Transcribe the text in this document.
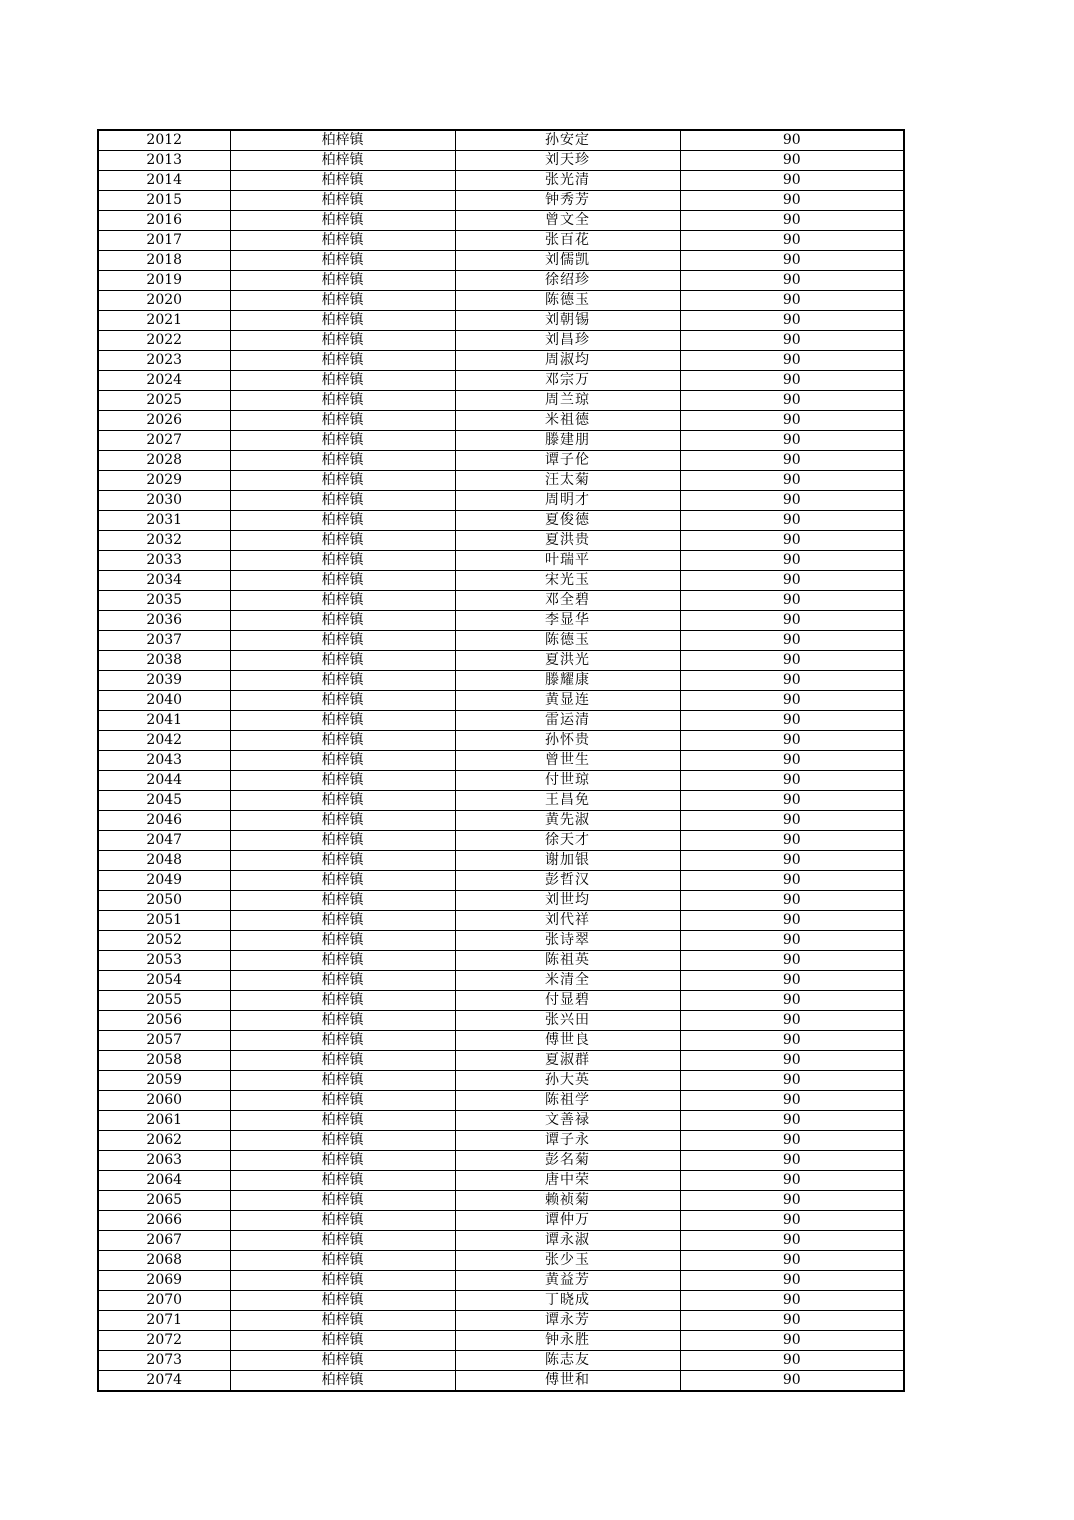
2012	柏梓镇	孙安定	90
2013	柏梓镇	刘天珍	90
2014	柏梓镇	张光清	90
2015	柏梓镇	钟秀芳	90
2016	柏梓镇	曾文全	90
2017	柏梓镇	张百花	90
2018	柏梓镇	刘儒凯	90
2019	柏梓镇	徐绍珍	90
2020	柏梓镇	陈德玉	90
2021	柏梓镇	刘朝锡	90
2022	柏梓镇	刘昌珍	90
2023	柏梓镇	周淑均	90
2024	柏梓镇	邓宗万	90
2025	柏梓镇	周兰琼	90
2026	柏梓镇	米祖德	90
2027	柏梓镇	滕建朋	90
2028	柏梓镇	谭子伦	90
2029	柏梓镇	汪太菊	90
2030	柏梓镇	周明才	90
2031	柏梓镇	夏俊德	90
2032	柏梓镇	夏洪贵	90
2033	柏梓镇	叶瑞平	90
2034	柏梓镇	宋光玉	90
2035	柏梓镇	邓全碧	90
2036	柏梓镇	李显华	90
2037	柏梓镇	陈德玉	90
2038	柏梓镇	夏洪光	90
2039	柏梓镇	滕耀康	90
2040	柏梓镇	黄显连	90
2041	柏梓镇	雷运清	90
2042	柏梓镇	孙怀贵	90
2043	柏梓镇	曾世生	90
2044	柏梓镇	付世琼	90
2045	柏梓镇	王昌免	90
2046	柏梓镇	黄先淑	90
2047	柏梓镇	徐天才	90
2048	柏梓镇	谢加银	90
2049	柏梓镇	彭哲汉	90
2050	柏梓镇	刘世均	90
2051	柏梓镇	刘代祥	90
2052	柏梓镇	张诗翠	90
2053	柏梓镇	陈祖英	90
2054	柏梓镇	米清全	90
2055	柏梓镇	付显碧	90
2056	柏梓镇	张兴田	90
2057	柏梓镇	傅世良	90
2058	柏梓镇	夏淑群	90
2059	柏梓镇	孙大英	90
2060	柏梓镇	陈祖学	90
2061	柏梓镇	文善禄	90
2062	柏梓镇	谭子永	90
2063	柏梓镇	彭名菊	90
2064	柏梓镇	唐中荣	90
2065	柏梓镇	赖祯菊	90
2066	柏梓镇	谭仲万	90
2067	柏梓镇	谭永淑	90
2068	柏梓镇	张少玉	90
2069	柏梓镇	黄益芳	90
2070	柏梓镇	丁晓成	90
2071	柏梓镇	谭永芳	90
2072	柏梓镇	钟永胜	90
2073	柏梓镇	陈志友	90
2074	柏梓镇	傅世和	90
